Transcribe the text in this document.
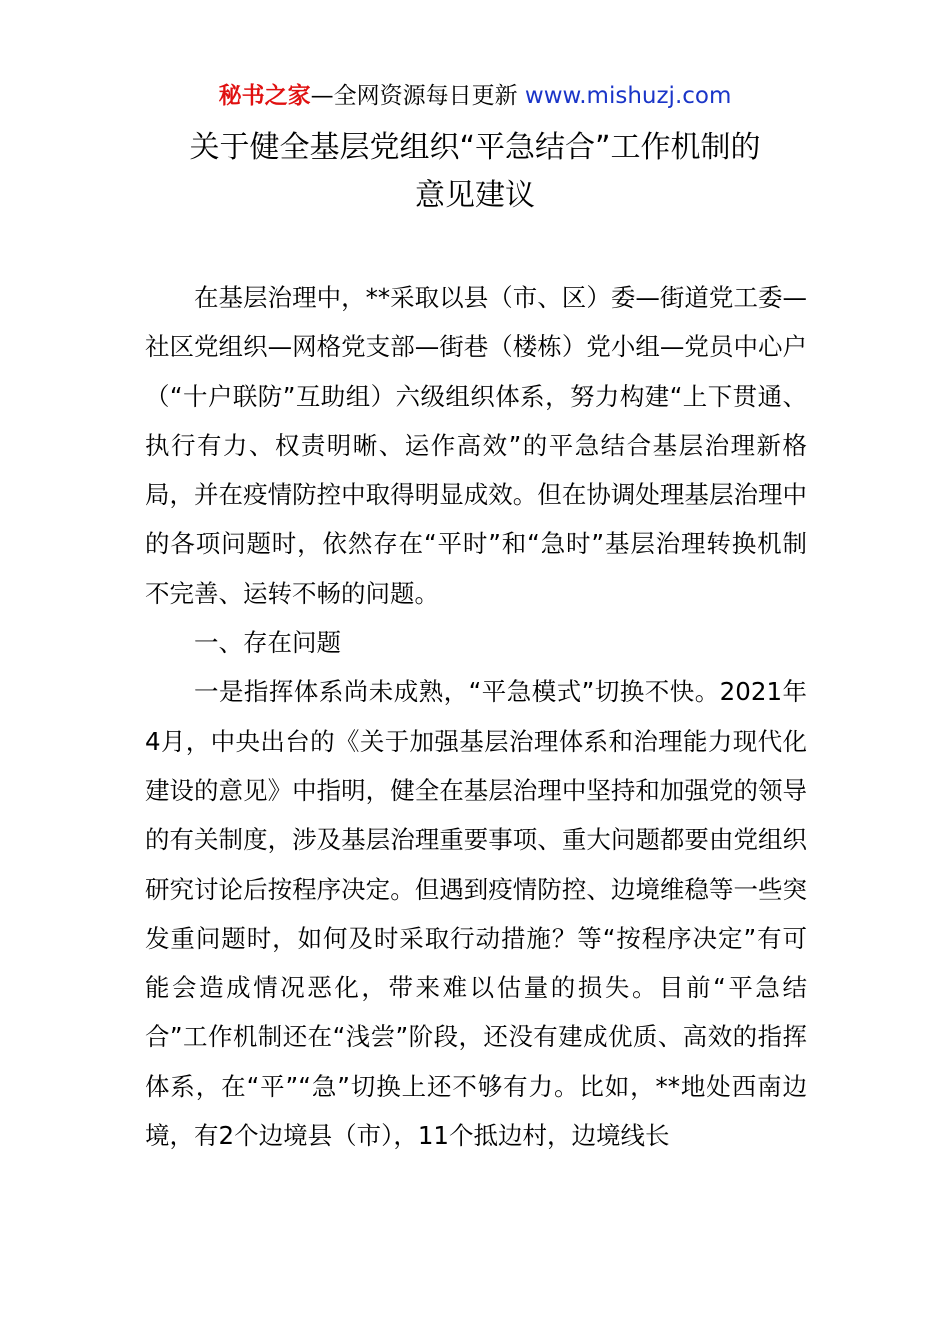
秘书之家—全网资源每日更新 www.mishuzj.com
关于健全基层党组织“平急结合”工作机制的
意见建议

在基层治理中，**采取以县（市、区）委—街道党工委—社区党组织—网格党支部—街巷（楼栋）党小组—党员中心户（“十户联防”互助组）六级组织体系，努力构建“上下贯通、执行有力、权责明晰、运作高效”的平急结合基层治理新格局，并在疫情防控中取得明显成效。但在协调处理基层治理中的各项问题时，依然存在“平时”和“急时”基层治理转换机制不完善、运转不畅的问题。

一、存在问题

一是指挥体系尚未成熟，“平急模式”切换不快。2021年4月，中央出台的《关于加强基层治理体系和治理能力现代化建设的意见》中指明，健全在基层治理中坚持和加强党的领导的有关制度，涉及基层治理重要事项、重大问题都要由党组织研究讨论后按程序决定。但遇到疫情防控、边境维稳等一些突发重问题时，如何及时采取行动措施？等“按程序决定”有可能会造成情况恶化，带来难以估量的损失。目前“平急结合”工作机制还在“浅尝”阶段，还没有建成优质、高效的指挥体系，在“平”“急”切换上还不够有力。比如，**地处西南边境，有2个边境县（市），11个抵边村，边境线长
